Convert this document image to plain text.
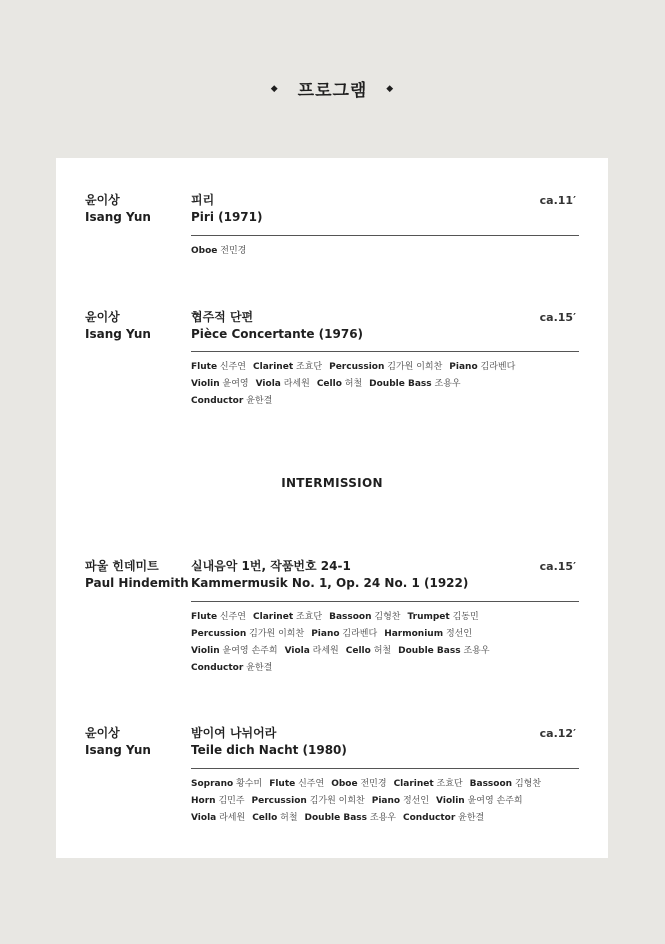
◆ 프로그램 ◆
윤이상
Isang Yun
피리
Piri (1971)
ca.11′
Oboe 전민경
윤이상
Isang Yun
협주적 단편
Pièce Concertante (1976)
ca.15′
Flute 신주연 Clarinet 조효단 Percussion 김가원 이희찬 Piano 김라벤다
Violin 윤여영 Viola 라세원 Cello 허철 Double Bass 조용우
Conductor 윤한결
INTERMISSION
파울 힌데미트
Paul Hindemith
실내음악 1번, 작품번호 24-1
Kammermusik No. 1, Op. 24 No. 1 (1922)
ca.15′
Flute 신주연 Clarinet 조효단 Bassoon 김형찬 Trumpet 김동민
Percussion 김가원 이희찬 Piano 김라벤다 Harmonium 정선인
Violin 윤여영 손주희 Viola 라세원 Cello 허철 Double Bass 조용우
Conductor 윤한결
윤이상
Isang Yun
밤이여 나뉘어라
Teile dich Nacht (1980)
ca.12′
Soprano 황수미 Flute 신주연 Oboe 전민경 Clarinet 조효단 Bassoon 김형찬
Horn 김민주 Percussion 김가원 이희찬 Piano 정선인 Violin 윤여영 손주희
Viola 라세원 Cello 허철 Double Bass 조용우 Conductor 윤한결
